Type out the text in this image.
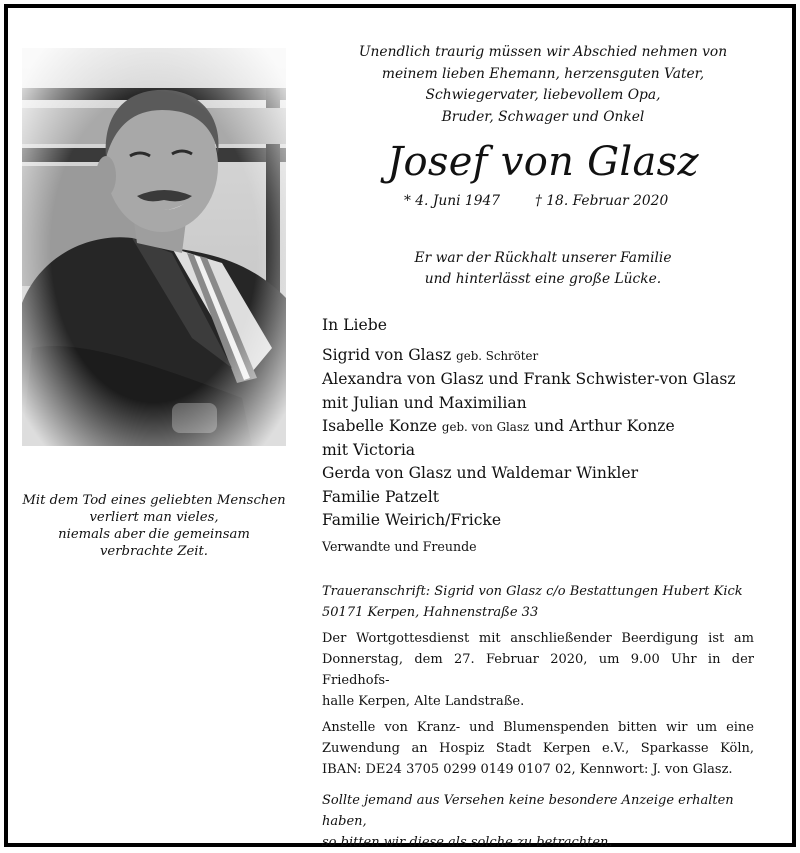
Mit dem Tod eines geliebten Menschen
verliert man vieles,
niemals aber die gemeinsam
verbrachte Zeit.
Unendlich traurig müssen wir Abschied nehmen von
meinem lieben Ehemann, herzensguten Vater,
Schwiegervater, liebevollem Opa,
Bruder, Schwager und Onkel
Josef von Glasz
* 4. Juni 1947	† 18. Februar 2020
Er war der Rückhalt unserer Familie
und hinterlässt eine große Lücke.
In Liebe
Sigrid von Glasz geb. Schröter
Alexandra von Glasz und Frank Schwister-von Glasz
mit Julian und Maximilian
Isabelle Konze geb. von Glasz und Arthur Konze
mit Victoria
Gerda von Glasz und Waldemar Winkler
Familie Patzelt
Familie Weirich/Fricke
Verwandte und Freunde

Traueranschrift: Sigrid von Glasz c/o Bestattungen Hubert Kick

50171 Kerpen, Hahnenstraße 33

Der Wortgottesdienst mit anschließender Beerdigung ist am

Donnerstag, dem 27. Februar 2020, um 9.00 Uhr in der Friedhofs-

halle Kerpen, Alte Landstraße.

Anstelle von Kranz- und Blumenspenden bitten wir um eine

Zuwendung an Hospiz Stadt Kerpen e.V., Sparkasse Köln,

IBAN: DE24 3705 0299 0149 0107 02, Kennwort: J. von Glasz.

Sollte jemand aus Versehen keine besondere Anzeige erhalten haben,

so bitten wir diese als solche zu betrachten.
